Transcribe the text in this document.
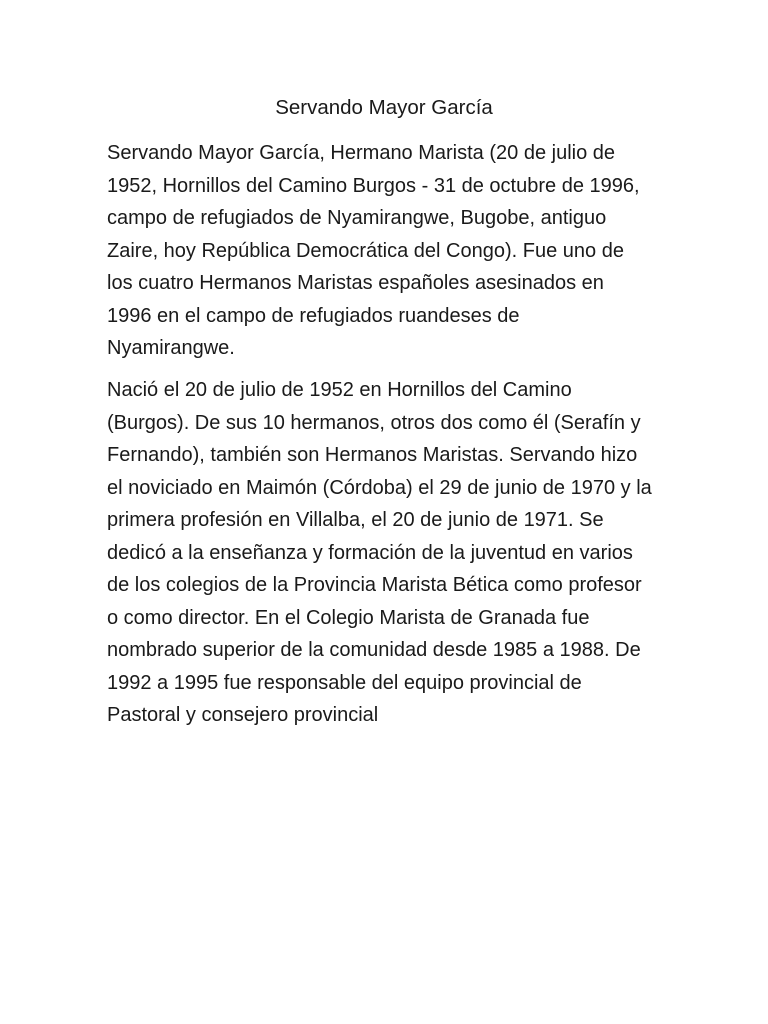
Servando Mayor García

Servando Mayor García, Hermano Marista (20 de julio de 1952, Hornillos del Camino Burgos - 31 de octubre de 1996, campo de refugiados de Nyamirangwe, Bugobe, antiguo Zaire, hoy República Democrática del Congo). Fue uno de los cuatro Hermanos Maristas españoles asesinados en 1996 en el campo de refugiados ruandeses de Nyamirangwe.

Nació el 20 de julio de 1952 en Hornillos del Camino (Burgos). De sus 10 hermanos, otros dos como él (Serafín y Fernando), también son Hermanos Maristas. Servando hizo el noviciado en Maimón (Córdoba) el 29 de junio de 1970 y la primera profesión en Villalba, el 20 de junio de 1971. Se dedicó a la enseñanza y formación de la juventud en varios de los colegios de la Provincia Marista Bética como profesor o como director. En el Colegio Marista de Granada fue nombrado superior de la comunidad desde 1985 a 1988. De 1992 a 1995 fue responsable del equipo provincial de Pastoral y consejero provincial
